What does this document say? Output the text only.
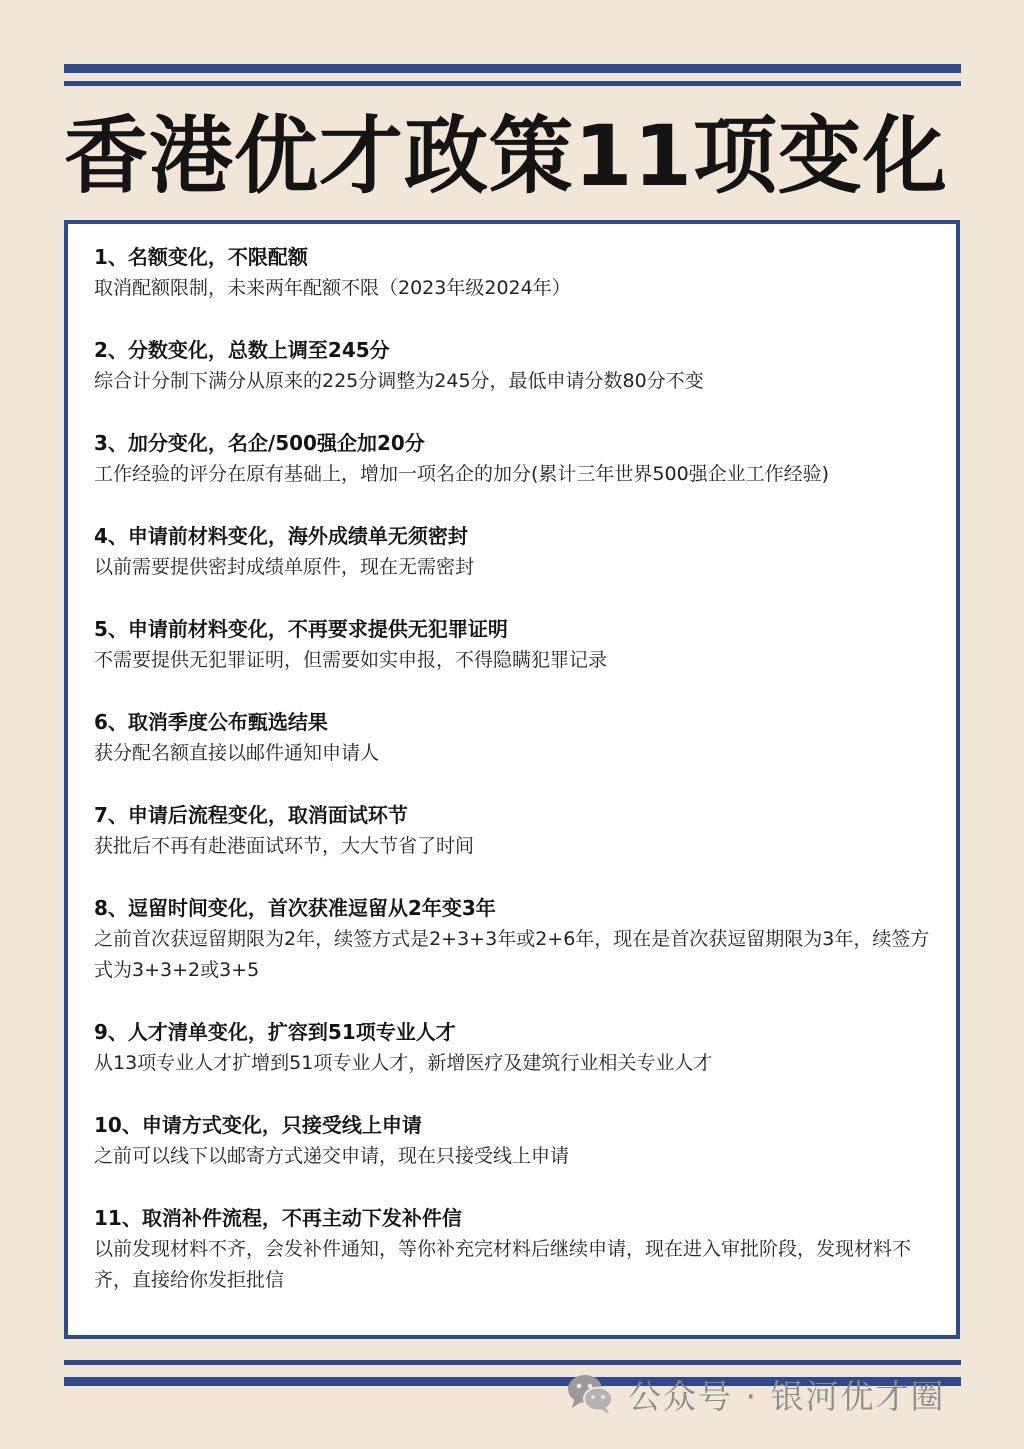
香港优才政策11项变化
1、名额变化，不限配额
取消配额限制，未来两年配额不限（2023年级2024年）
2、分数变化，总数上调至245分
综合计分制下满分从原来的225分调整为245分，最低申请分数80分不变
3、加分变化，名企/500强企加20分
工作经验的评分在原有基础上，增加一项名企的加分(累计三年世界500强企业工作经验)
4、申请前材料变化，海外成绩单无须密封
以前需要提供密封成绩单原件，现在无需密封
5、申请前材料变化，不再要求提供无犯罪证明
不需要提供无犯罪证明，但需要如实申报，不得隐瞒犯罪记录
6、取消季度公布甄选结果
获分配名额直接以邮件通知申请人
7、申请后流程变化，取消面试环节
获批后不再有赴港面试环节，大大节省了时间
8、逗留时间变化，首次获准逗留从2年变3年
之前首次获逗留期限为2年，续签方式是2+3+3年或2+6年，现在是首次获逗留期限为3年，续签方式为3+3+2或3+5
9、人才清单变化，扩容到51项专业人才
从13项专业人才扩增到51项专业人才，新增医疗及建筑行业相关专业人才
10、申请方式变化，只接受线上申请
之前可以线下以邮寄方式递交申请，现在只接受线上申请
11、取消补件流程，不再主动下发补件信
以前发现材料不齐，会发补件通知，等你补充完材料后继续申请，现在进入审批阶段，发现材料不齐，直接给你发拒批信
公众号 · 银河优才圈
